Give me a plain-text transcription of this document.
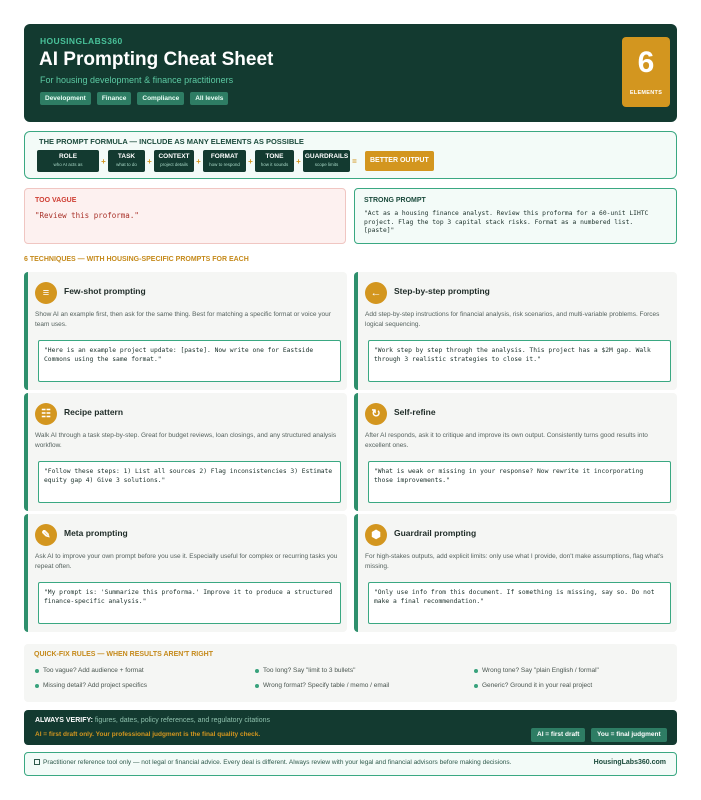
HOUSINGLABS360
AI Prompting Cheat Sheet
For housing development & finance practitioners
Development	Finance	Compliance	All levels
6
ELEMENTS
THE PROMPT FORMULA — INCLUDE AS MANY ELEMENTS AS POSSIBLE
ROLE
who AI acts as	+	TASK
what to do	+	CONTEXT
project details	+	FORMAT
how to respond	+	TONE
how it sounds + GUARDRAILS
scope limits	=	BETTER OUTPUT
TOO VAGUE
"Review this proforma."
STRONG PROMPT
"Act as a housing finance analyst. Review this proforma for a 60-unit LIHTC project. Flag the top 3 capital stack risks. Format as a numbered list. [paste]"
6 TECHNIQUES — WITH HOUSING-SPECIFIC PROMPTS FOR EACH
≡	Few-shot prompting
Show AI an example first, then ask for the same thing. Best for matching a specific format or voice your team uses.
"Here is an example project update: [paste]. Now write one for Eastside Commons using the same format."
←	Step-by-step prompting
Add step-by-step instructions for financial analysis, risk scenarios, and multi-variable problems. Forces logical sequencing.
"Work step by step through the analysis. This project has a $2M gap. Walk through 3 realistic strategies to close it."
☷	Recipe pattern
Walk AI through a task step-by-step. Great for budget reviews, loan closings, and any structured analysis workflow.
"Follow these steps: 1) List all sources 2) Flag inconsistencies 3) Estimate equity gap 4) Give 3 solutions."
↻	Self-refine
After AI responds, ask it to critique and improve its own output. Consistently turns good results into excellent ones.
"What is weak or missing in your response? Now rewrite it incorporating those improvements."
✎	Meta prompting
Ask AI to improve your own prompt before you use it. Especially useful for complex or recurring tasks you repeat often.
"My prompt is: 'Summarize this proforma.' Improve it to produce a structured finance-specific analysis."
⬢	Guardrail prompting
For high-stakes outputs, add explicit limits: only use what I provide, don't make assumptions, flag what's missing.
"Only use info from this document. If something is missing, say so. Do not make a final recommendation."
QUICK-FIX RULES — WHEN RESULTS AREN'T RIGHT
Too vague? Add audience + format	Too long? Say "limit to 3 bullets"	Wrong tone? Say "plain English / formal"
Missing detail? Add project specifics	Wrong format? Specify table / memo / email	Generic? Ground it in your real project
ALWAYS VERIFY: figures, dates, policy references, and regulatory citations
AI = first draft only. Your professional judgment is the final quality check.	AI = first draft	You = final judgment
Practitioner reference tool only — not legal or financial advice. Every deal is different. Always review with your legal and financial advisors before making decisions.	HousingLabs360.com
